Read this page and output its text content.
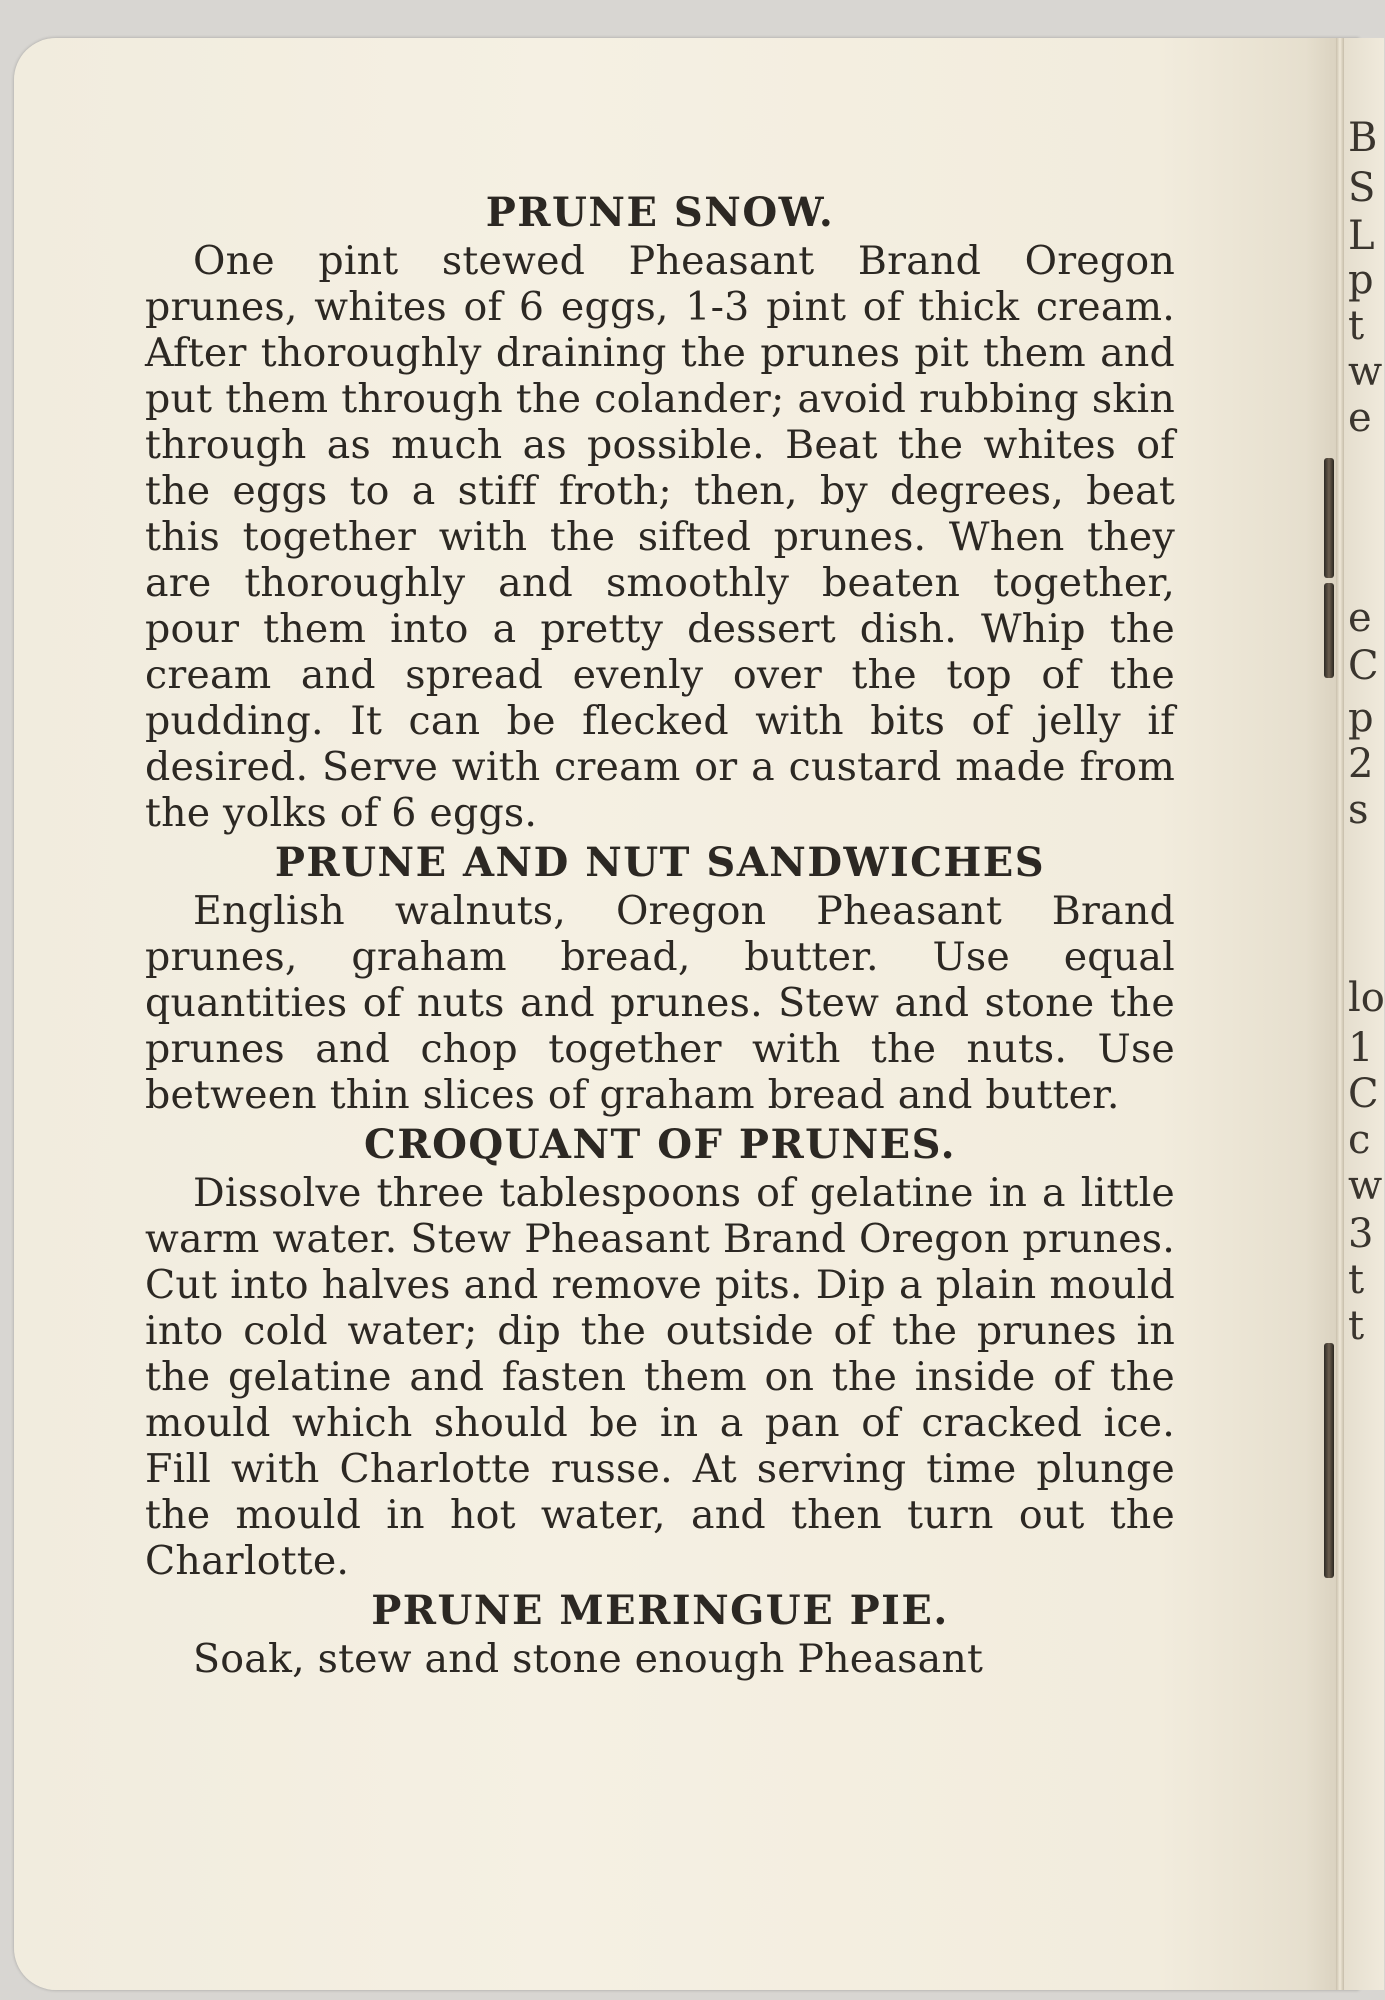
PRUNE SNOW.

One pint stewed Pheasant Brand Oregon prunes, whites of 6 eggs, 1-3 pint of thick cream. After thoroughly draining the prunes pit them and put them through the colander; avoid rubbing skin through as much as possible. Beat the whites of the eggs to a stiff froth; then, by degrees, beat this together with the sifted prunes. When they are thoroughly and smoothly beaten together, pour them into a pretty dessert dish. Whip the cream and spread evenly over the top of the pudding. It can be flecked with bits of jelly if desired. Serve with cream or a custard made from the yolks of 6 eggs.

PRUNE AND NUT SANDWICHES

English walnuts, Oregon Pheasant Brand prunes, graham bread, butter. Use equal quantities of nuts and prunes. Stew and stone the prunes and chop together with the nuts. Use between thin slices of graham bread and butter.

CROQUANT OF PRUNES.

Dissolve three tablespoons of gelatine in a little warm water. Stew Pheasant Brand Oregon prunes. Cut into halves and remove pits. Dip a plain mould into cold water; dip the outside of the prunes in the gelatine and fasten them on the inside of the mould which should be in a pan of cracked ice. Fill with Charlotte russe. At serving time plunge the mould in hot water, and then turn out the Charlotte.

PRUNE MERINGUE PIE.

Soak, stew and stone enough Pheasant

B
S
L
p
t
w
e
e
C
p
2
s
lo
1
C
c
w
3
t
t
